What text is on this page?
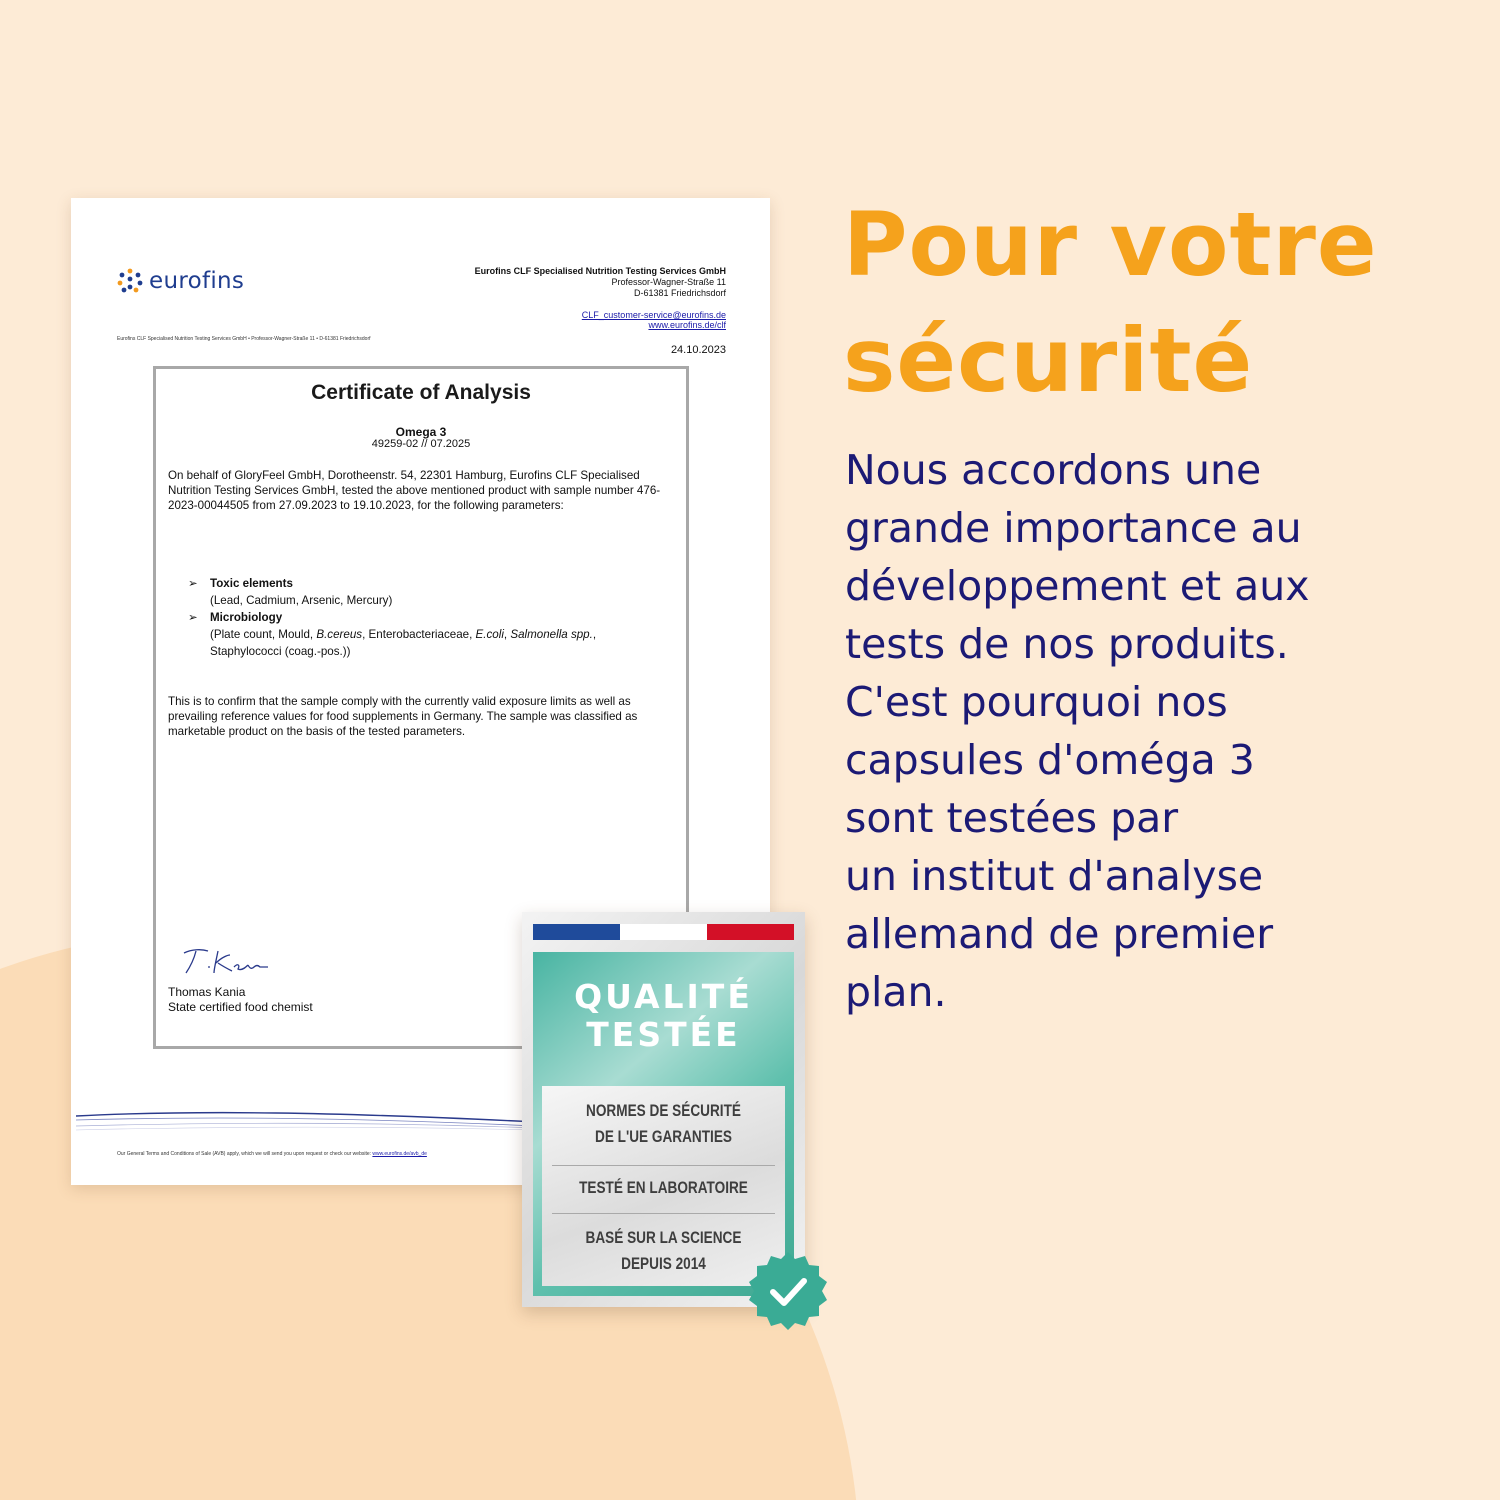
eurofins	Eurofins CLF Specialised Nutrition Testing Services GmbH
Professor-Wagner-Straße 11
D-61381 Friedrichsdorf
CLF_customer-service@eurofins.de
www.eurofins.de/clf
Eurofins CLF Specialised Nutrition Testing Services GmbH • Professor-Wagner-Straße 11 • D-61381 Friedrichsdorf
24.10.2023
Certificate of Analysis
Omega 3
49259-02 // 07.2025
On behalf of GloryFeel GmbH, Dorotheenstr. 54, 22301 Hamburg, Eurofins CLF Specialised Nutrition Testing Services GmbH, tested the above mentioned product with sample number 476-2023-00044505 from 27.09.2023 to 19.10.2023, for the following parameters:
➢	Toxic elements
(Lead, Cadmium, Arsenic, Mercury)
➢	Microbiology
(Plate count, Mould, B.cereus, Enterobacteriaceae, E.coli, Salmonella spp.,
Staphylococci (coag.-pos.))
This is to confirm that the sample comply with the currently valid exposure limits as well as prevailing reference values for food supplements in Germany. The sample was classified as marketable product on the basis of the tested parameters.
Thomas Kania
State certified food chemist
Our General Terms and Conditions of Sale (AVB) apply, which we will send you upon request or check our website: www.eurofins.de/avb_de
QUALITÉ
TESTÉE
NORMES DE SÉCURITÉ
DE L'UE GARANTIES
TESTÉ EN LABORATOIRE
BASÉ SUR LA SCIENCE
DEPUIS 2014
Pour votre sécurité
Nous accordons une
grande importance au
développement et aux
tests de nos produits.
C'est pourquoi nos
capsules d'oméga 3
sont testées par
un institut d'analyse
allemand de premier
plan.
